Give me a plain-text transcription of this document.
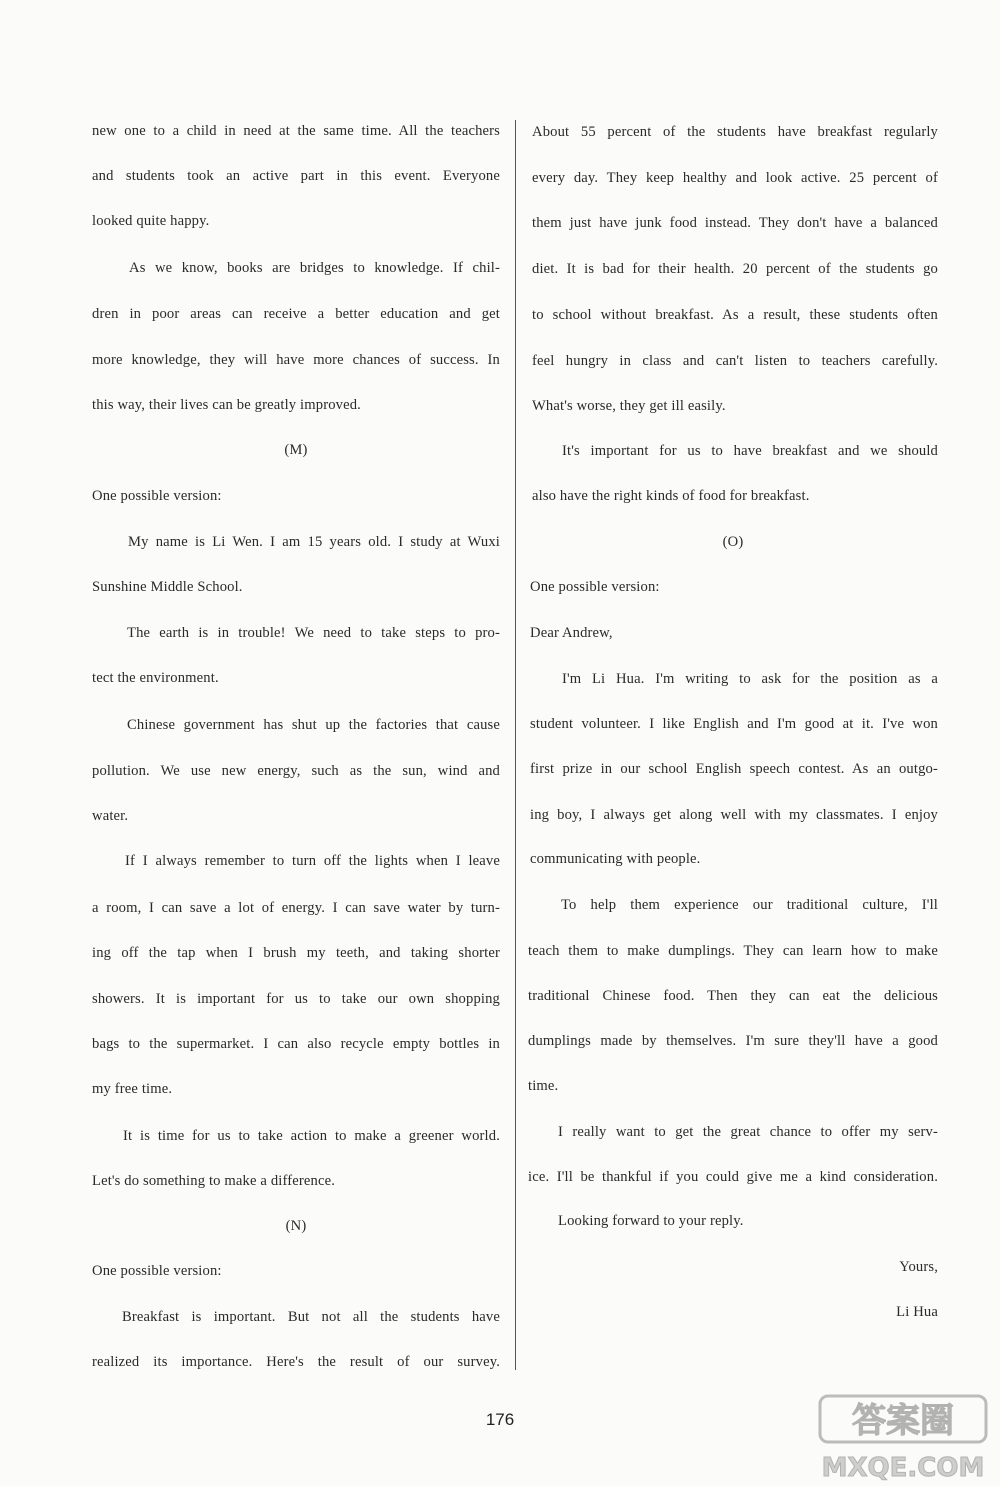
new one to a child in need at the same time. All the teachers
and students took an active part in this event. Everyone
looked quite happy.
As we know, books are bridges to knowledge. If chil-
dren in poor areas can receive a better education and get
more knowledge, they will have more chances of success. In
this way, their lives can be greatly improved.
(M)
One possible version:
My name is Li Wen. I am 15 years old. I study at Wuxi
Sunshine Middle School.
The earth is in trouble! We need to take steps to pro-
tect the environment.
Chinese government has shut up the factories that cause
pollution. We use new energy, such as the sun, wind and
water.
If I always remember to turn off the lights when I leave
a room, I can save a lot of energy. I can save water by turn-
ing off the tap when I brush my teeth, and taking shorter
showers. It is important for us to take our own shopping
bags to the supermarket. I can also recycle empty bottles in
my free time.
It is time for us to take action to make a greener world.
Let's do something to make a difference.
(N)
One possible version:
Breakfast is important. But not all the students have
realized its importance. Here's the result of our survey.
About 55 percent of the students have breakfast regularly
every day. They keep healthy and look active. 25 percent of
them just have junk food instead. They don't have a balanced
diet. It is bad for their health. 20 percent of the students go
to school without breakfast. As a result, these students often
feel hungry in class and can't listen to teachers carefully.
What's worse, they get ill easily.
It's important for us to have breakfast and we should
also have the right kinds of food for breakfast.
(O)
One possible version:
Dear Andrew,
I'm Li Hua. I'm writing to ask for the position as a
student volunteer. I like English and I'm good at it. I've won
first prize in our school English speech contest. As an outgo-
ing boy, I always get along well with my classmates. I enjoy
communicating with people.
To help them experience our traditional culture, I'll
teach them to make dumplings. They can learn how to make
traditional Chinese food. Then they can eat the delicious
dumplings made by themselves. I'm sure they'll have a good
time.
I really want to get the great chance to offer my serv-
ice. I'll be thankful if you could give me a kind consideration.
Looking forward to your reply.
Yours,
Li Hua
176	答案圈
MXQE.COM
